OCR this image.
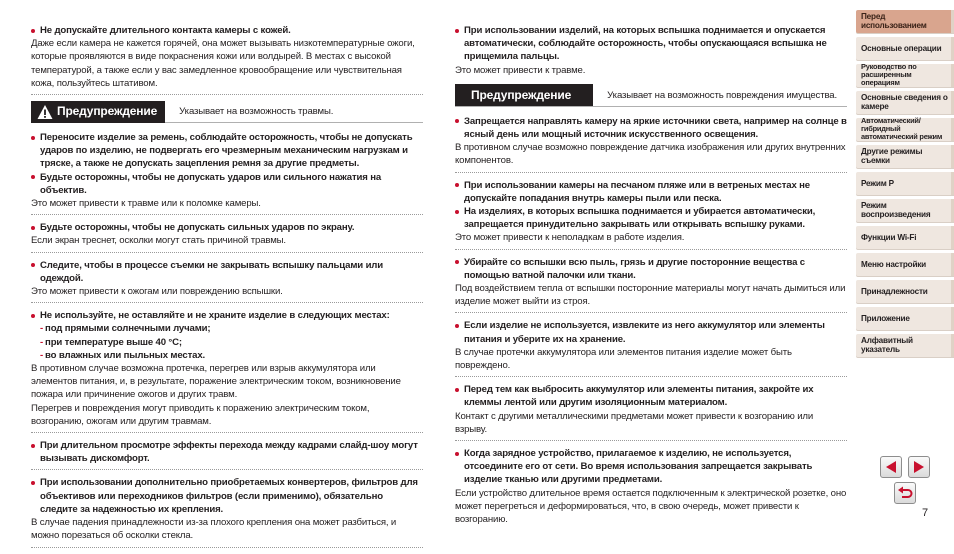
Не допускайте длительного контакта камеры с кожей.
Даже если камера не кажется горячей, она может вызывать низкотемпературные ожоги, которые проявляются в виде покраснения кожи или волдырей. В местах с высокой температурой, а также если у вас замедленное кровообращение или чувствительная кожа, пользуйтесь штативом.
Предупреждение Указывает на возможность травмы.
Переносите изделие за ремень, соблюдайте осторожность, чтобы не допускать ударов по изделию, не подвергать его чрезмерным механическим нагрузкам и тряске, а также не допускать зацепления ремня за другие предметы.
Будьте осторожны, чтобы не допускать ударов или сильного нажатия на объектив.
Это может привести к травме или к поломке камеры.
Будьте осторожны, чтобы не допускать сильных ударов по экрану.
Если экран треснет, осколки могут стать причиной травмы.
Следите, чтобы в процессе съемки не закрывать вспышку пальцами или одеждой.
Это может привести к ожогам или повреждению вспышки.
Не используйте, не оставляйте и не храните изделие в следующих местах:
- под прямыми солнечными лучами;
- при температуре выше 40 °C;
- во влажных или пыльных местах.
В противном случае возможна протечка, перегрев или взрыв аккумулятора или элементов питания, и, в результате, поражение электрическим током, возникновение пожара или причинение ожогов и других травм.
Перегрев и повреждения могут приводить к поражению электрическим током, возгоранию, ожогам или другим травмам.
При длительном просмотре эффекты перехода между кадрами слайд-шоу могут вызывать дискомфорт.
При использовании дополнительно приобретаемых конвертеров, фильтров для объективов или переходников фильтров (если применимо), обязательно следите за надежностью их крепления.
В случае падения принадлежности из-за плохого крепления она может разбиться, и можно порезаться об осколки стекла.
При использовании изделий, на которых вспышка поднимается и опускается автоматически, соблюдайте осторожность, чтобы опускающаяся вспышка не прищемила пальцы.
Это может привести к травме.
Предупреждение	Указывает на возможность повреждения имущества.
Запрещается направлять камеру на яркие источники света, например на солнце в ясный день или мощный источник искусственного освещения.
В противном случае возможно повреждение датчика изображения или других внутренних компонентов.
При использовании камеры на песчаном пляже или в ветреных местах не допускайте попадания внутрь камеры пыли или песка.
На изделиях, в которых вспышка поднимается и убирается автоматически, запрещается принудительно закрывать или открывать вспышку руками.
Это может привести к неполадкам в работе изделия.
Убирайте со вспышки всю пыль, грязь и другие посторонние вещества с помощью ватной палочки или ткани.
Под воздействием тепла от вспышки посторонние материалы могут начать дымиться или изделие может выйти из строя.
Если изделие не используется, извлеките из него аккумулятор или элементы питания и уберите их на хранение.
В случае протечки аккумулятора или элементов питания изделие может быть повреждено.
Перед тем как выбросить аккумулятор или элементы питания, закройте их клеммы лентой или другим изоляционным материалом.
Контакт с другими металлическими предметами может привести к возгоранию или взрыву.
Когда зарядное устройство, прилагаемое к изделию, не используется, отсоедините его от сети. Во время использования запрещается закрывать изделие тканью или другими предметами.
Если устройство длительное время остается подключенным к электрической розетке, оно может перегреться и деформироваться, что, в свою очередь, может привести к возгоранию.
Перед использованием
Основные операции
Руководство по расширенным операциям
Основные сведения о камере
Автоматический/гибридный автоматический режим
Другие режимы съемки
Режим P
Режим воспроизведения
Функции Wi-Fi
Меню настройки
Принадлежности
Приложение
Алфавитный указатель
7
